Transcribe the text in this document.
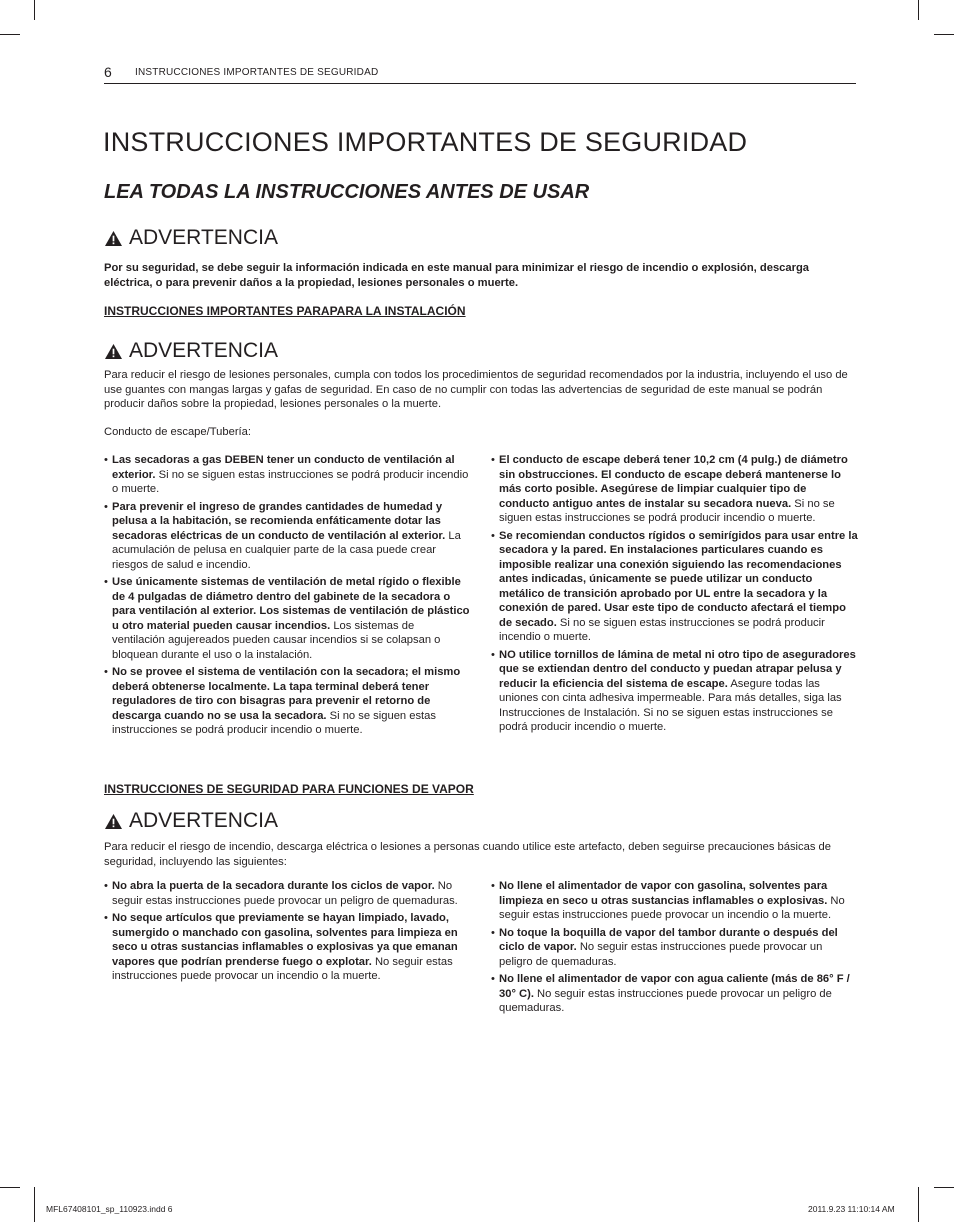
6 INSTRUCCIONES IMPORTANTES DE SEGURIDAD
INSTRUCCIONES IMPORTANTES DE SEGURIDAD
LEA TODAS LA INSTRUCCIONES ANTES DE USAR
ADVERTENCIA

Por su seguridad, se debe seguir la información indicada en este manual para minimizar el riesgo de incendio o explosión, descarga eléctrica, o para prevenir daños a la propiedad, lesiones personales o muerte.

INSTRUCCIONES IMPORTANTES PARAPARA LA INSTALACIÓN
ADVERTENCIA

Para reducir el riesgo de lesiones personales, cumpla con todos los procedimientos de seguridad recomendados por la industria, incluyendo el uso de use guantes con mangas largas y gafas de seguridad. En caso de no cumplir con todas las advertencias de seguridad de este manual se podrán producir daños sobre la propiedad, lesiones personales o la muerte.

Conducto de escape/Tubería:

• Las secadoras a gas DEBEN tener un conducto de ventilación al exterior. Si no se siguen estas instrucciones se podrá producir incendio o muerte.
• Para prevenir el ingreso de grandes cantidades de humedad y pelusa a la habitación, se recomienda enfáticamente dotar las secadoras eléctricas de un conducto de ventilación al exterior. La acumulación de pelusa en cualquier parte de la casa puede crear riesgos de salud e incendio.
• Use únicamente sistemas de ventilación de metal rígido o flexible de 4 pulgadas de diámetro dentro del gabinete de la secadora o para ventilación al exterior. Los sistemas de ventilación de plástico u otro material pueden causar incendios. Los sistemas de ventilación agujereados pueden causar incendios si se colapsan o bloquean durante el uso o la instalación.
• No se provee el sistema de ventilación con la secadora; el mismo deberá obtenerse localmente. La tapa terminal deberá tener reguladores de tiro con bisagras para prevenir el retorno de descarga cuando no se usa la secadora. Si no se siguen estas instrucciones se podrá producir incendio o muerte.
• El conducto de escape deberá tener 10,2 cm (4 pulg.) de diámetro sin obstrucciones. El conducto de escape deberá mantenerse lo más corto posible. Asegúrese de limpiar cualquier tipo de conducto antiguo antes de instalar su secadora nueva. Si no se siguen estas instrucciones se podrá producir incendio o muerte.
• Se recomiendan conductos rígidos o semirígidos para usar entre la secadora y la pared. En instalaciones particulares cuando es imposible realizar una conexión siguiendo las recomendaciones antes indicadas, únicamente se puede utilizar un conducto metálico de transición aprobado por UL entre la secadora y la conexión de pared. Usar este tipo de conducto afectará el tiempo de secado. Si no se siguen estas instrucciones se podrá producir incendio o muerte.
• NO utilice tornillos de lámina de metal ni otro tipo de aseguradores que se extiendan dentro del conducto y puedan atrapar pelusa y reducir la eficiencia del sistema de escape. Asegure todas las uniones con cinta adhesiva impermeable. Para más detalles, siga las Instrucciones de Instalación. Si no se siguen estas instrucciones se podrá producir incendio o muerte.
INSTRUCCIONES DE SEGURIDAD PARA FUNCIONES DE VAPOR
ADVERTENCIA

Para reducir el riesgo de incendio, descarga eléctrica o lesiones a personas cuando utilice este artefacto, deben seguirse precauciones básicas de seguridad, incluyendo las siguientes:

• No abra la puerta de la secadora durante los ciclos de vapor. No seguir estas instrucciones puede provocar un peligro de quemaduras.
• No seque artículos que previamente se hayan limpiado, lavado, sumergido o manchado con gasolina, solventes para limpieza en seco u otras sustancias inflamables o explosivas ya que emanan vapores que podrían prenderse fuego o explotar. No seguir estas instrucciones puede provocar un incendio o la muerte.
• No llene el alimentador de vapor con gasolina, solventes para limpieza en seco u otras sustancias inflamables o explosivas. No seguir estas instrucciones puede provocar un incendio o la muerte.
• No toque la boquilla de vapor del tambor durante o después del ciclo de vapor. No seguir estas instrucciones puede provocar un peligro de quemaduras.
• No llene el alimentador de vapor con agua caliente (más de 86° F / 30° C). No seguir estas instrucciones puede provocar un peligro de quemaduras.
MFL67408101_sp_110923.indd 6	2011.9.23 11:10:14 AM
